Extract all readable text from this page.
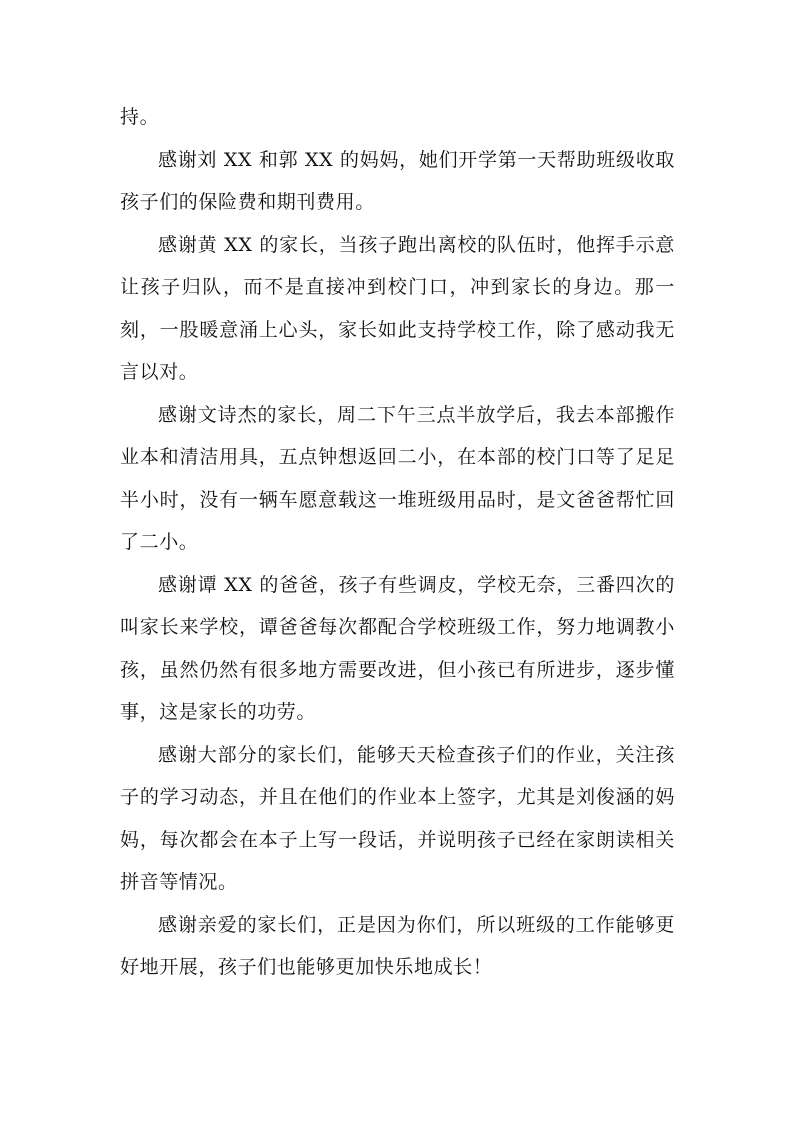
持。

感谢刘 XX 和郭 XX 的妈妈，她们开学第一天帮助班级收取孩子们的保险费和期刊费用。

感谢黄 XX 的家长，当孩子跑出离校的队伍时，他挥手示意让孩子归队，而不是直接冲到校门口，冲到家长的身边。那一刻，一股暖意涌上心头，家长如此支持学校工作，除了感动我无言以对。

感谢文诗杰的家长，周二下午三点半放学后，我去本部搬作业本和清洁用具，五点钟想返回二小，在本部的校门口等了足足半小时，没有一辆车愿意载这一堆班级用品时，是文爸爸帮忙回了二小。

感谢谭 XX 的爸爸，孩子有些调皮，学校无奈，三番四次的叫家长来学校，谭爸爸每次都配合学校班级工作，努力地调教小孩，虽然仍然有很多地方需要改进，但小孩已有所进步，逐步懂事，这是家长的功劳。

感谢大部分的家长们，能够天天检查孩子们的作业，关注孩子的学习动态，并且在他们的作业本上签字，尤其是刘俊涵的妈妈，每次都会在本子上写一段话，并说明孩子已经在家朗读相关拼音等情况。

感谢亲爱的家长们，正是因为你们，所以班级的工作能够更好地开展，孩子们也能够更加快乐地成长！
